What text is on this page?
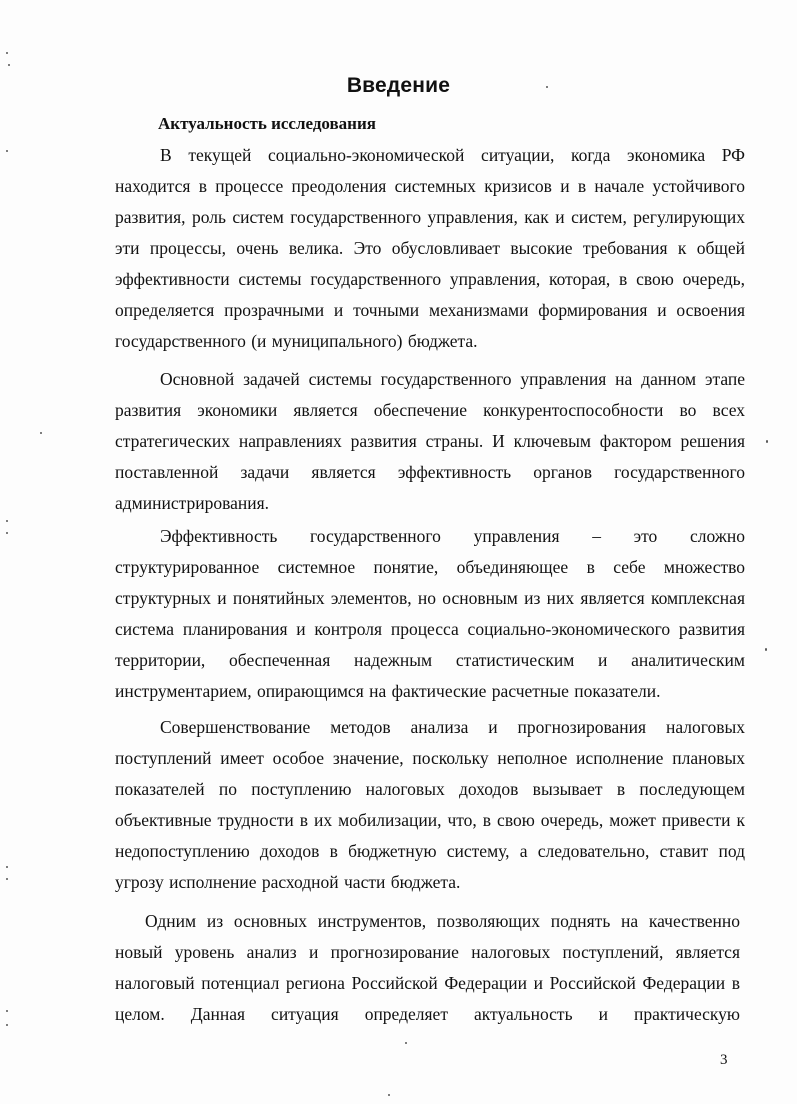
Введение
Актуальность исследования

В текущей социально-экономической ситуации, когда экономика РФ находится в процессе преодоления системных кризисов и в начале устойчивого развития, роль систем государственного управления, как и систем, регулирующих эти процессы, очень велика. Это обусловливает высокие требования к общей эффективности системы государственного управления, которая, в свою очередь, определяется прозрачными и точными механизмами формирования и освоения государственного (и муниципального) бюджета.

Основной задачей системы государственного управления на данном этапе развития экономики является обеспечение конкурентоспособности во всех стратегических направлениях развития страны. И ключевым фактором решения поставленной задачи является эффективность органов государственного администрирования.

Эффективность государственного управления – это сложно структурированное системное понятие, объединяющее в себе множество структурных и понятийных элементов, но основным из них является комплексная система планирования и контроля процесса социально-экономического развития территории, обеспеченная надежным статистическим и аналитическим инструментарием, опирающимся на фактические расчетные показатели.

Совершенствование методов анализа и прогнозирования налоговых поступлений имеет особое значение, поскольку неполное исполнение плановых показателей по поступлению налоговых доходов вызывает в последующем объективные трудности в их мобилизации, что, в свою очередь, может привести к недопоступлению доходов в бюджетную систему, а следовательно, ставит под угрозу исполнение расходной части бюджета.

Одним из основных инструментов, позволяющих поднять на качественно новый уровень анализ и прогнозирование налоговых поступлений, является налоговый потенциал региона Российской Федерации и Российской Федерации в целом. Данная ситуация определяет актуальность и практическую

3
